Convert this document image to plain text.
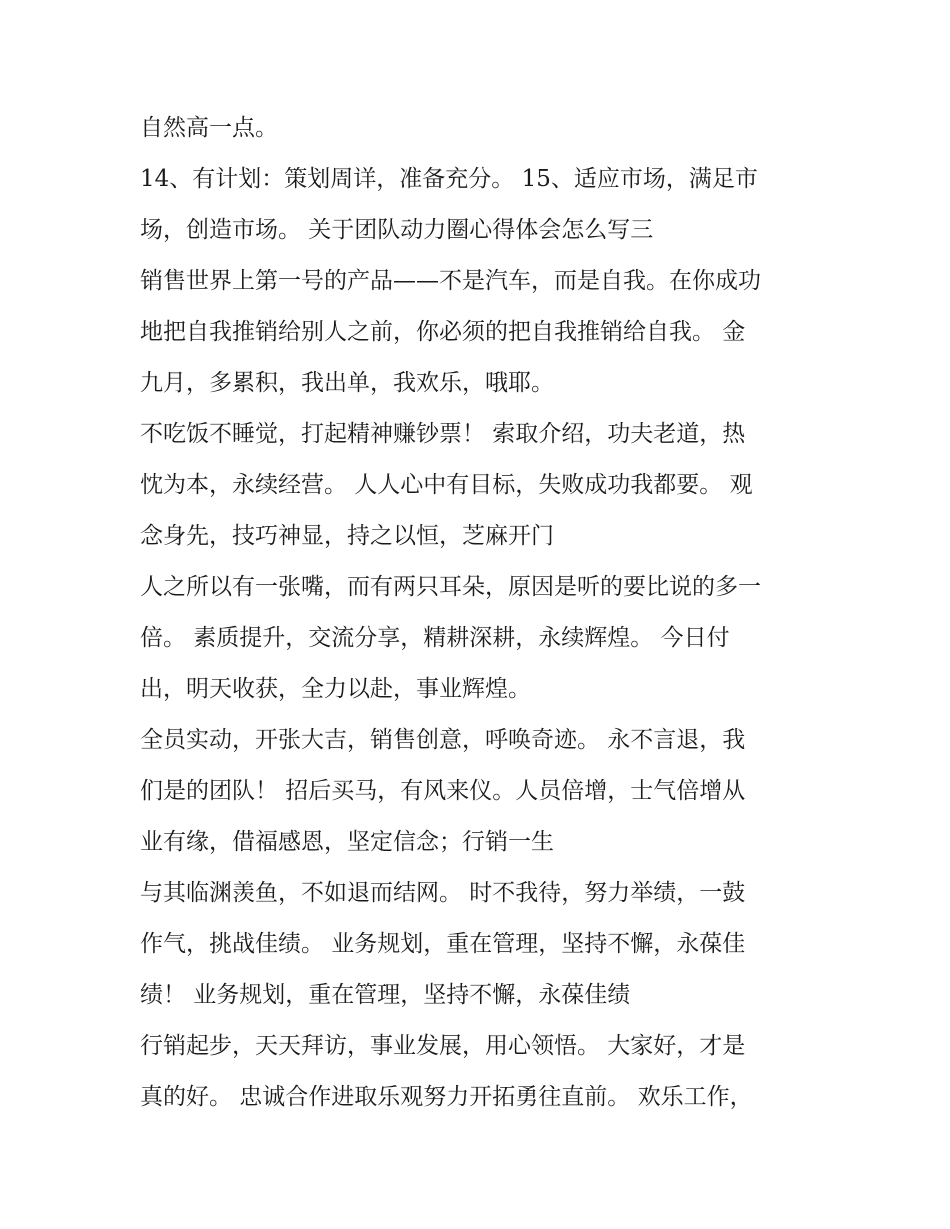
自然高一点。
14、有计划：策划周详，准备充分。 15、适应市场，满足市
场，创造市场。 关于团队动力圈心得体会怎么写三
销售世界上第一号的产品——不是汽车，而是自我。在你成功
地把自我推销给别人之前，你必须的把自我推销给自我。 金
九月，多累积，我出单，我欢乐，哦耶。
不吃饭不睡觉，打起精神赚钞票！ 索取介绍，功夫老道，热
忱为本，永续经营。 人人心中有目标，失败成功我都要。 观
念身先，技巧神显，持之以恒，芝麻开门
人之所以有一张嘴，而有两只耳朵，原因是听的要比说的多一
倍。 素质提升，交流分享，精耕深耕，永续辉煌。 今日付
出，明天收获，全力以赴，事业辉煌。
全员实动，开张大吉，销售创意，呼唤奇迹。 永不言退，我
们是的团队！ 招后买马，有风来仪。人员倍增，士气倍增从
业有缘，借福感恩，坚定信念；行销一生
与其临渊羡鱼，不如退而结网。 时不我待，努力举绩，一鼓
作气，挑战佳绩。 业务规划，重在管理，坚持不懈，永葆佳
绩！ 业务规划，重在管理，坚持不懈，永葆佳绩
行销起步，天天拜访，事业发展，用心领悟。 大家好，才是
真的好。 忠诚合作进取乐观努力开拓勇往直前。 欢乐工作，
